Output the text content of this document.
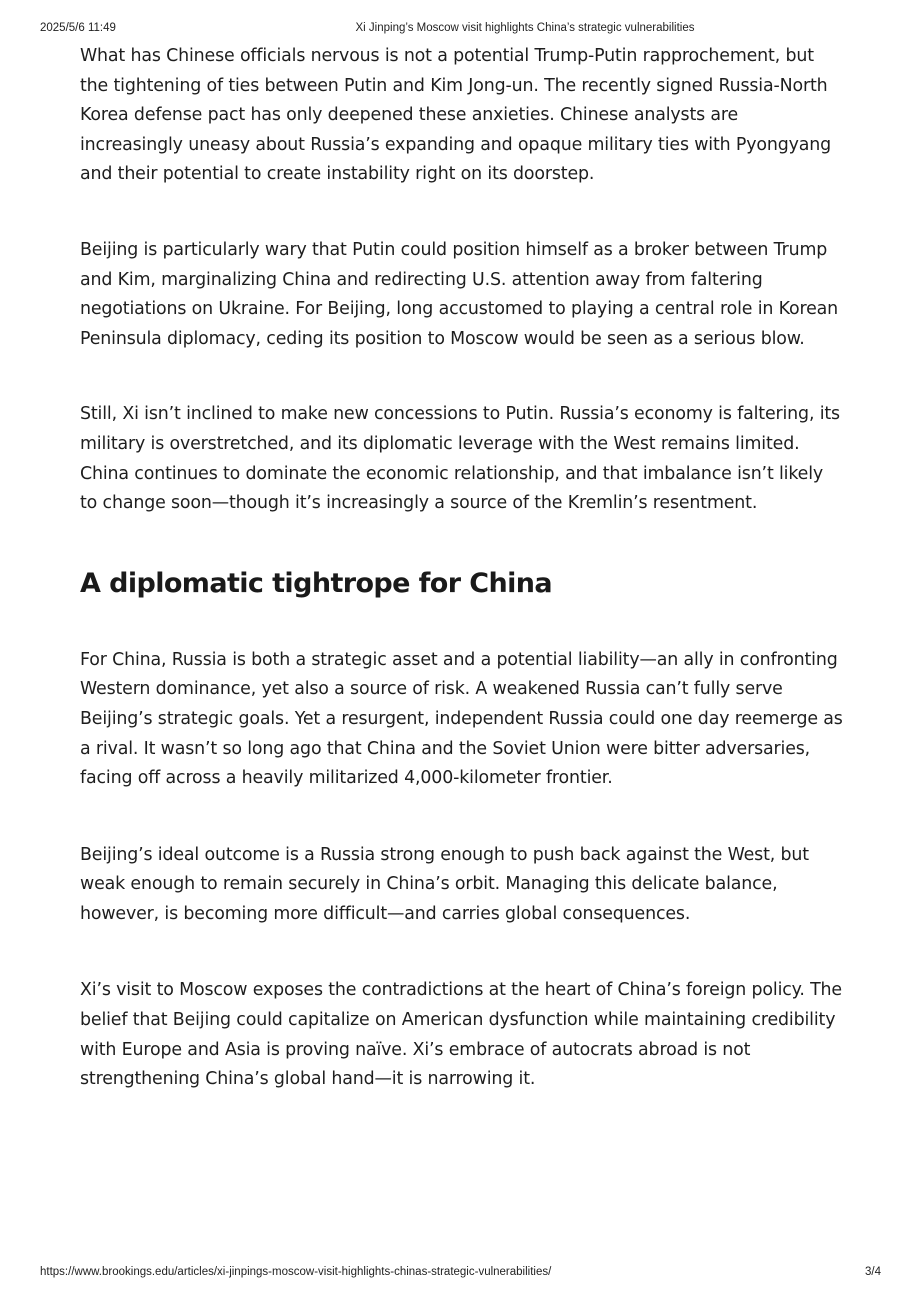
2025/5/6 11:49	Xi Jinping’s Moscow visit highlights China’s strategic vulnerabilities

What has Chinese officials nervous is not a potential Trump-Putin rapprochement, but the tightening of ties between Putin and Kim Jong-un. The recently signed Russia-North Korea defense pact has only deepened these anxieties. Chinese analysts are increasingly uneasy about Russia’s expanding and opaque military ties with Pyongyang and their potential to create instability right on its doorstep.

Beijing is particularly wary that Putin could position himself as a broker between Trump and Kim, marginalizing China and redirecting U.S. attention away from faltering negotiations on Ukraine. For Beijing, long accustomed to playing a central role in Korean Peninsula diplomacy, ceding its position to Moscow would be seen as a serious blow.

Still, Xi isn’t inclined to make new concessions to Putin. Russia’s economy is faltering, its military is overstretched, and its diplomatic leverage with the West remains limited. China continues to dominate the economic relationship, and that imbalance isn’t likely to change soon—though it’s increasingly a source of the Kremlin’s resentment.

A diplomatic tightrope for China

For China, Russia is both a strategic asset and a potential liability—an ally in confronting Western dominance, yet also a source of risk. A weakened Russia can’t fully serve Beijing’s strategic goals. Yet a resurgent, independent Russia could one day reemerge as a rival. It wasn’t so long ago that China and the Soviet Union were bitter adversaries, facing off across a heavily militarized 4,000-kilometer frontier.

Beijing’s ideal outcome is a Russia strong enough to push back against the West, but weak enough to remain securely in China’s orbit. Managing this delicate balance, however, is becoming more difficult—and carries global consequences.

Xi’s visit to Moscow exposes the contradictions at the heart of China’s foreign policy. The belief that Beijing could capitalize on American dysfunction while maintaining credibility with Europe and Asia is proving naïve. Xi’s embrace of autocrats abroad is not strengthening China’s global hand—it is narrowing it.

https://www.brookings.edu/articles/xi-jinpings-moscow-visit-highlights-chinas-strategic-vulnerabilities/	3/4
